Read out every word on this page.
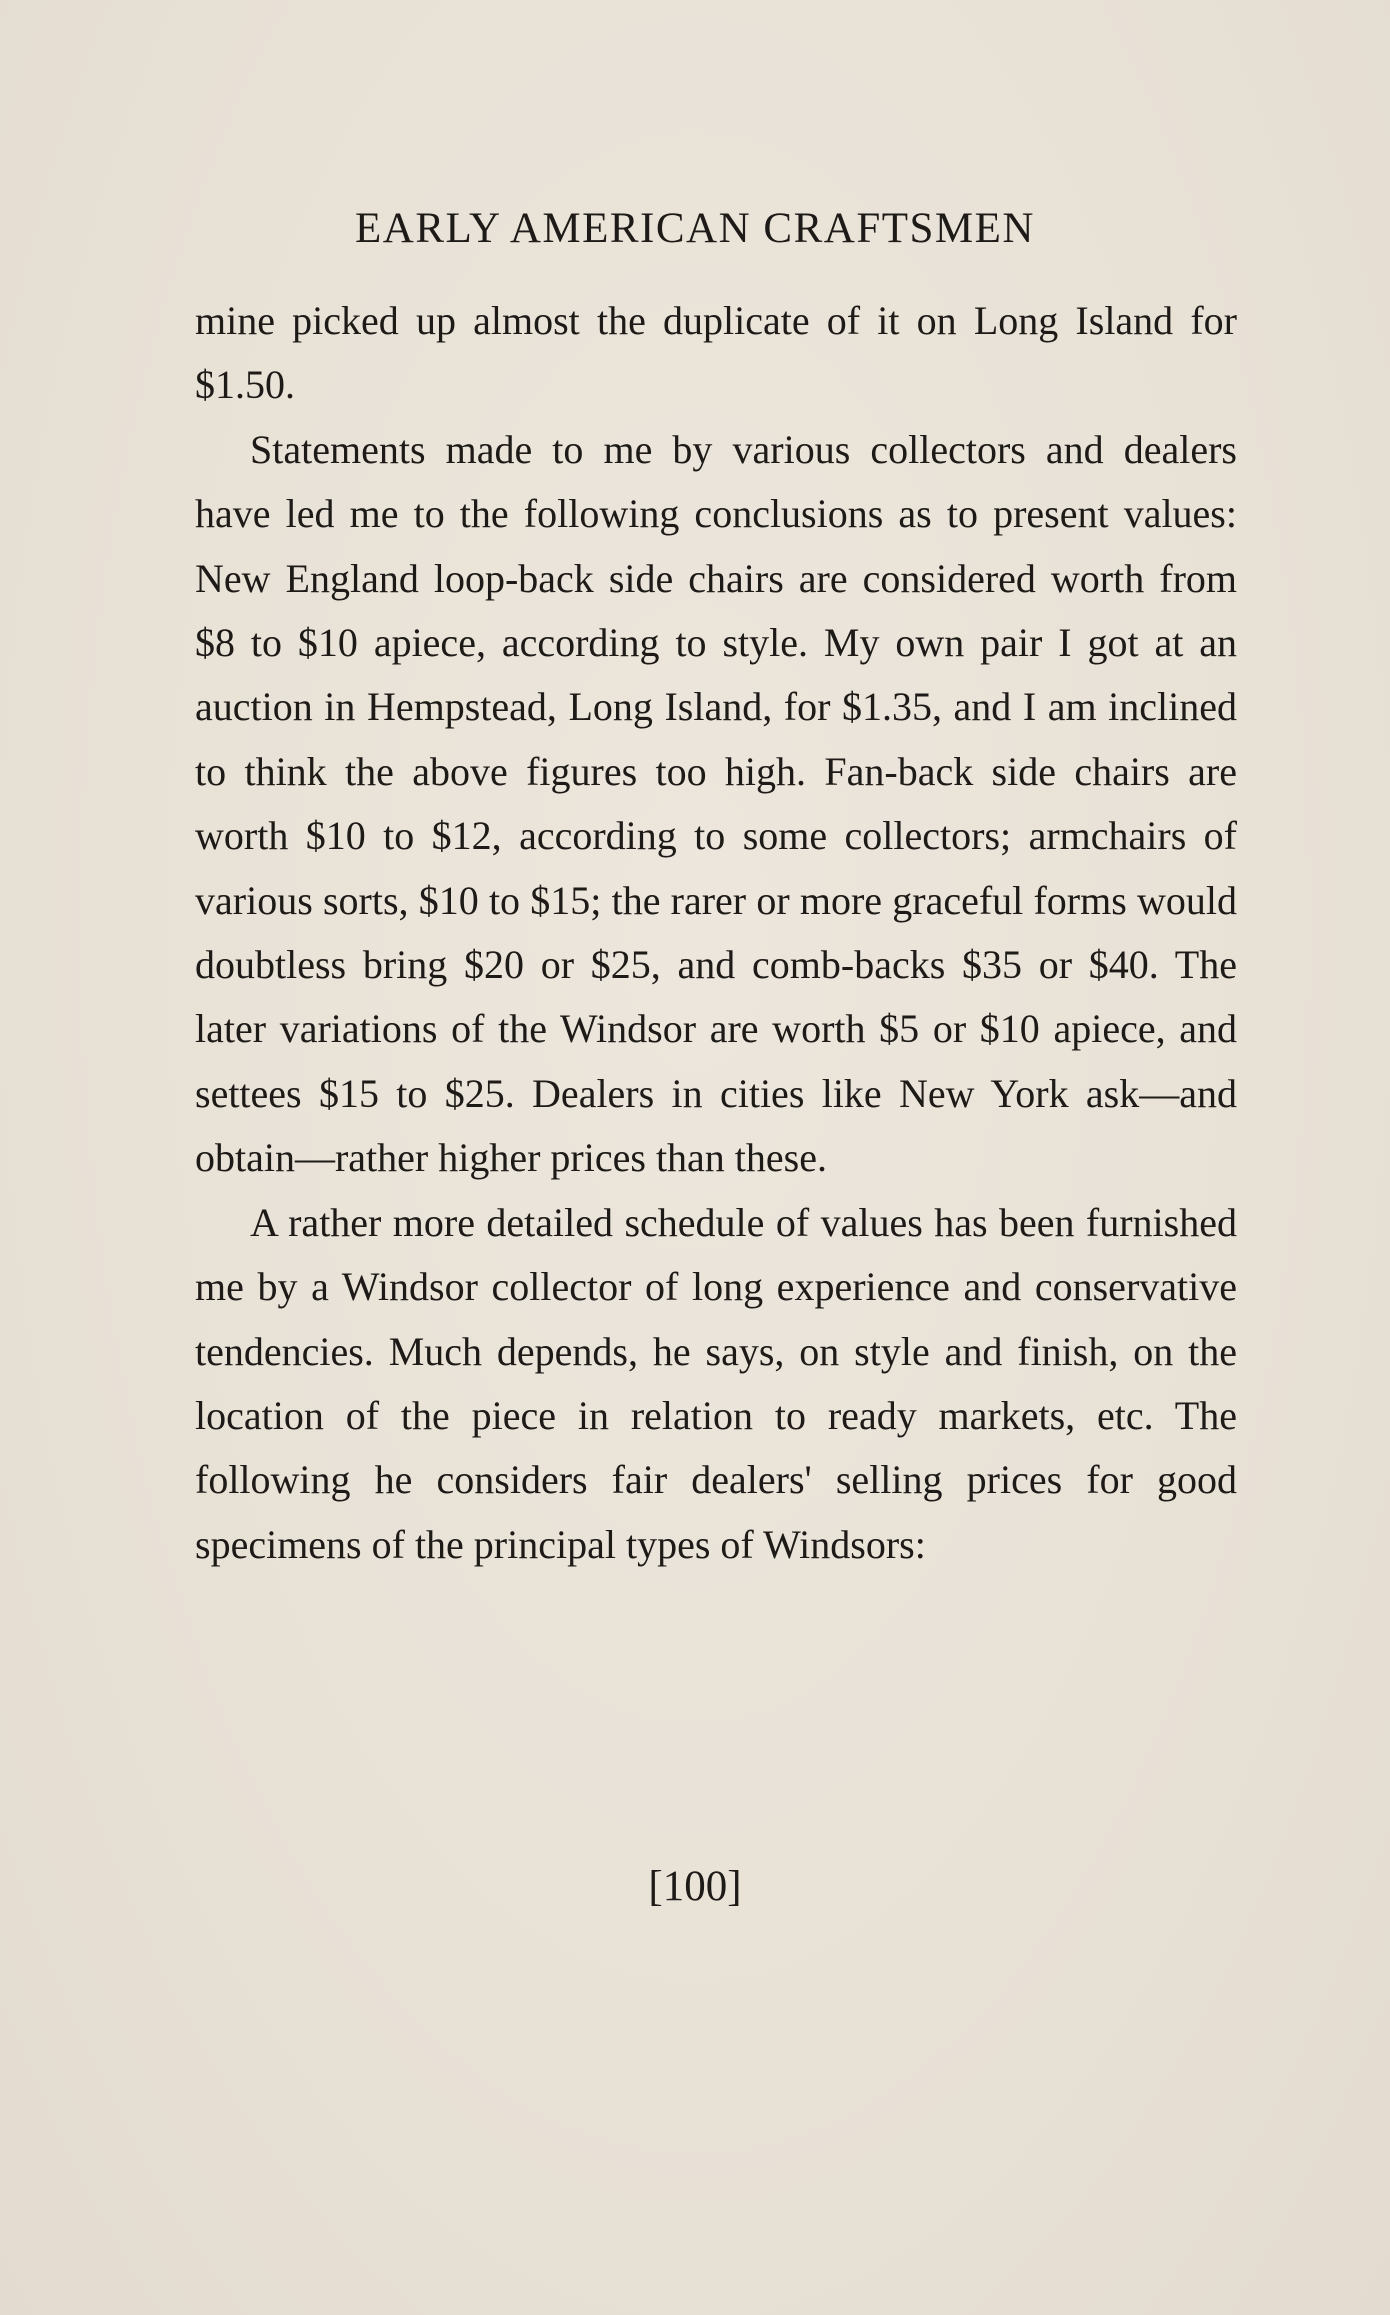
EARLY AMERICAN CRAFTSMEN

mine picked up almost the duplicate of it on Long Island for $1.50.

Statements made to me by various collectors and dealers have led me to the following conclusions as to present values: New England loop-back side chairs are considered worth from $8 to $10 apiece, according to style. My own pair I got at an auction in Hempstead, Long Island, for $1.35, and I am inclined to think the above figures too high. Fan-back side chairs are worth $10 to $12, according to some collectors; armchairs of various sorts, $10 to $15; the rarer or more graceful forms would doubtless bring $20 or $25, and comb-backs $35 or $40. The later variations of the Windsor are worth $5 or $10 apiece, and settees $15 to $25. Dealers in cities like New York ask—and obtain—rather higher prices than these.

A rather more detailed schedule of values has been furnished me by a Windsor collector of long experience and conservative tendencies. Much depends, he says, on style and finish, on the location of the piece in relation to ready markets, etc. The following he considers fair dealers' selling prices for good specimens of the principal types of Windsors:

[100]
